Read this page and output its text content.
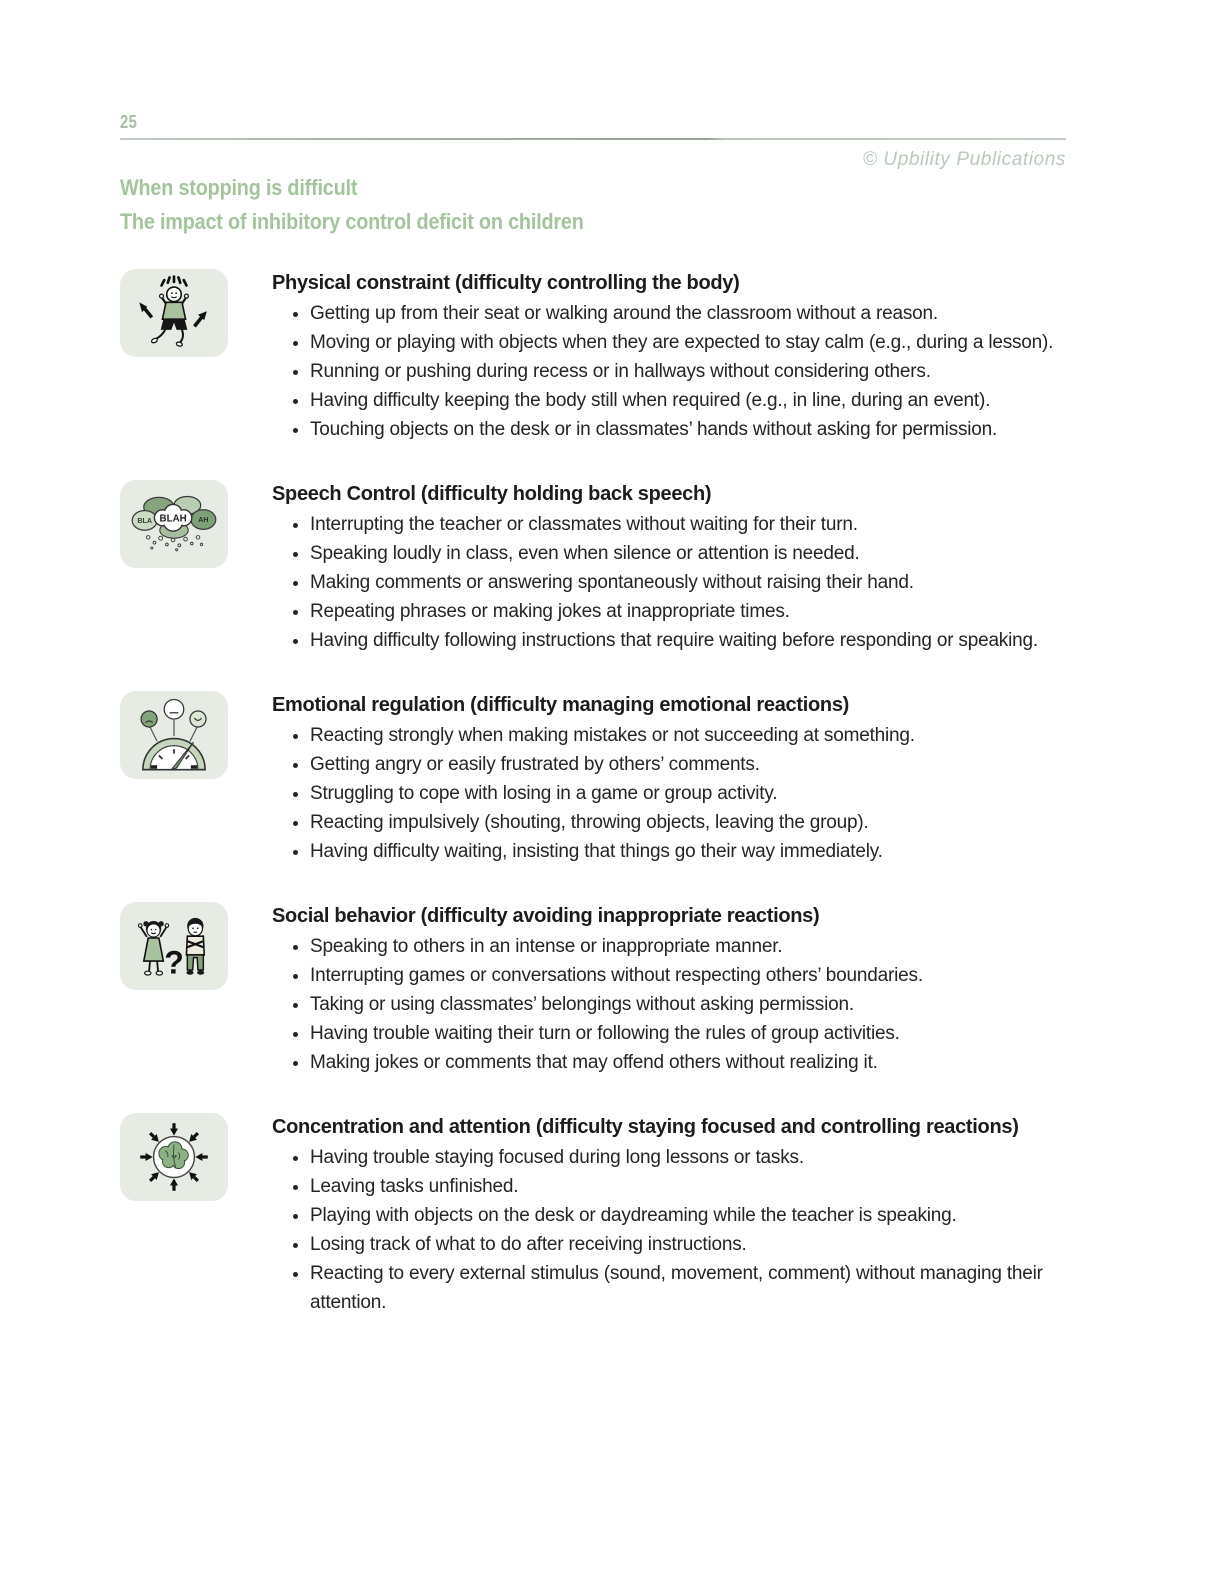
25
© Upbility Publications
When stopping is difficult
The impact of inhibitory control deficit on children
Physical constraint (difficulty controlling the body)
• Getting up from their seat or walking around the classroom without a reason.
• Moving or playing with objects when they are expected to stay calm (e.g., during a lesson).
• Running or pushing during recess or in hallways without considering others.
• Having difficulty keeping the body still when required (e.g., in line, during an event).
• Touching objects on the desk or in classmates’ hands without asking for permission.
BLA	AH
BLAH
Speech Control (difficulty holding back speech)
• Interrupting the teacher or classmates without waiting for their turn.
• Speaking loudly in class, even when silence or attention is needed.
• Making comments or answering spontaneously without raising their hand.
• Repeating phrases or making jokes at inappropriate times.
• Having difficulty following instructions that require waiting before responding or speaking.
Emotional regulation (difficulty managing emotional reactions)
• Reacting strongly when making mistakes or not succeeding at something.
• Getting angry or easily frustrated by others’ comments.
• Struggling to cope with losing in a game or group activity.
• Reacting impulsively (shouting, throwing objects, leaving the group).
• Having difficulty waiting, insisting that things go their way immediately.
?
Social behavior (difficulty avoiding inappropriate reactions)
• Speaking to others in an intense or inappropriate manner.
• Interrupting games or conversations without respecting others’ boundaries.
• Taking or using classmates’ belongings without asking permission.
• Having trouble waiting their turn or following the rules of group activities.
• Making jokes or comments that may offend others without realizing it.
Concentration and attention (difficulty staying focused and controlling reactions)
• Having trouble staying focused during long lessons or tasks.
• Leaving tasks unfinished.
• Playing with objects on the desk or daydreaming while the teacher is speaking.
• Losing track of what to do after receiving instructions.
• Reacting to every external stimulus (sound, movement, comment) without managing their attention.
